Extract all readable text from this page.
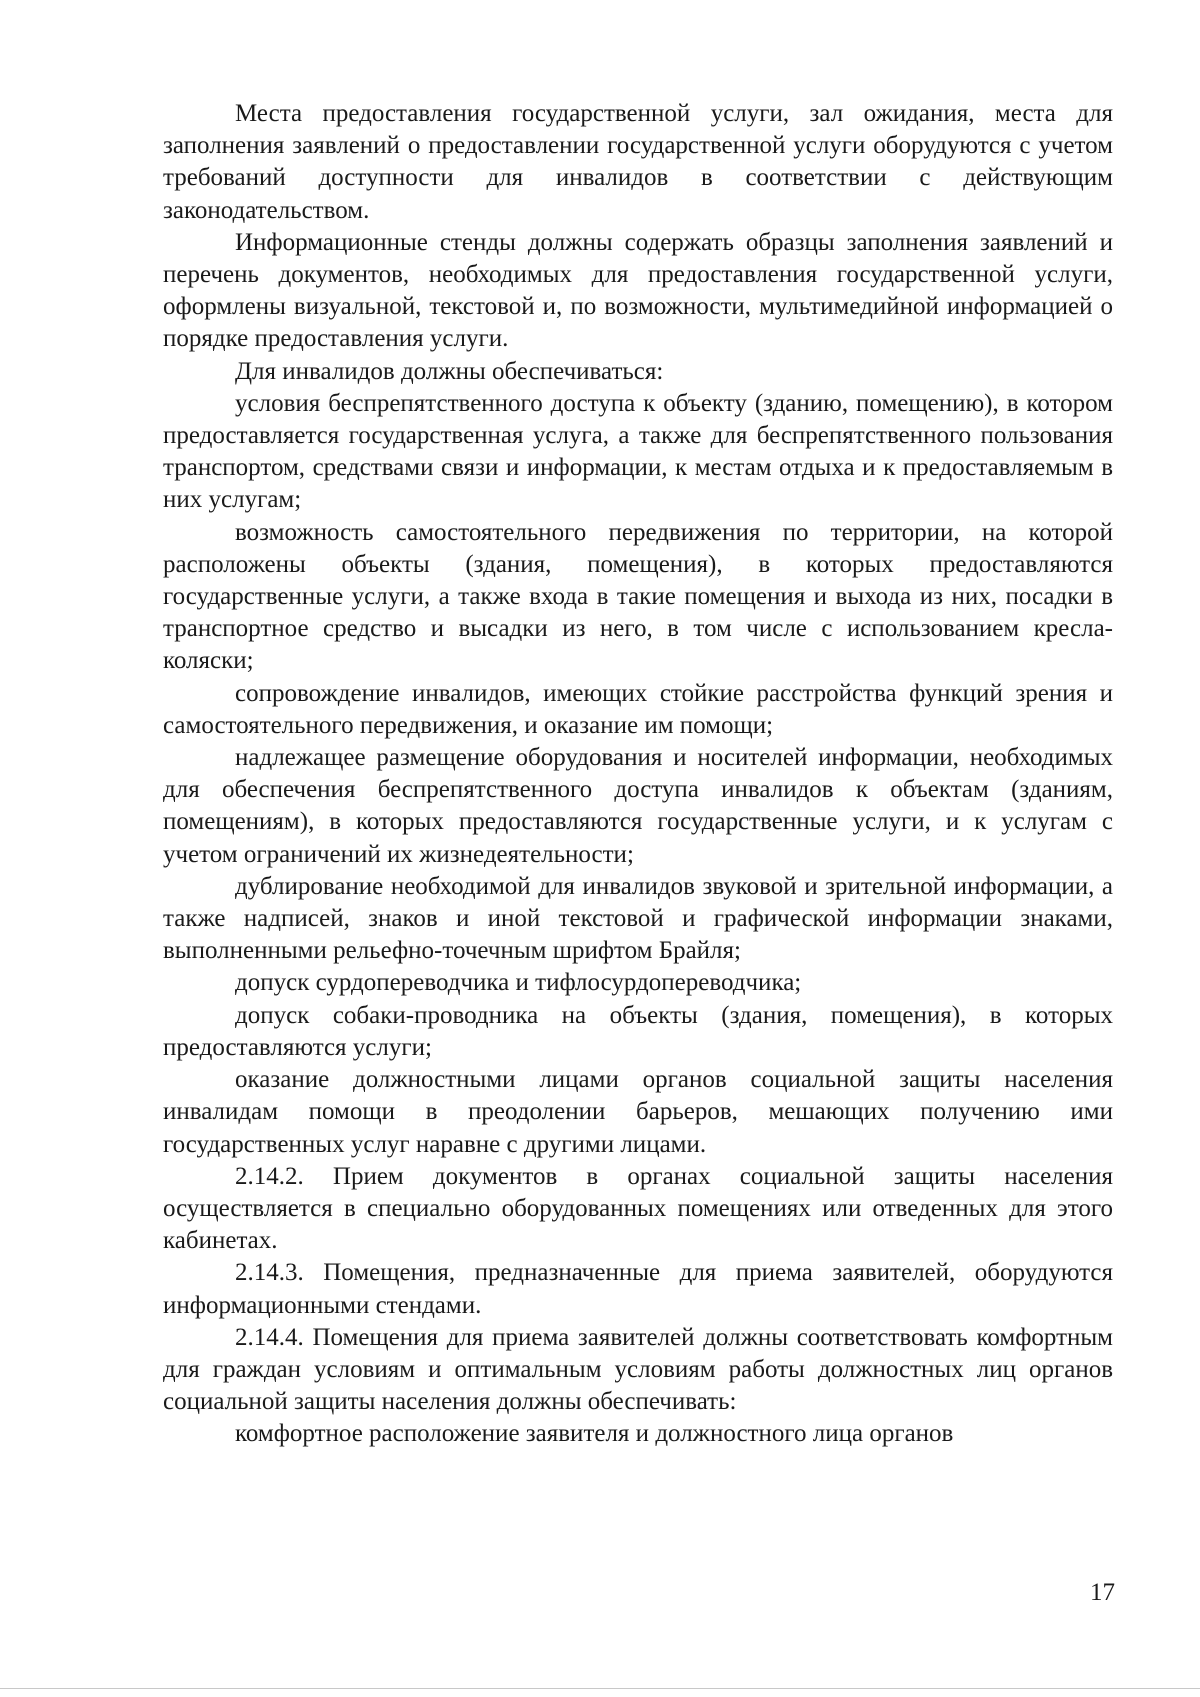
Места предоставления государственной услуги, зал ожидания, места для заполнения заявлений о предоставлении государственной услуги оборудуются с учетом требований доступности для инвалидов в соответствии с действующим законодательством.

Информационные стенды должны содержать образцы заполнения заявлений и перечень документов, необходимых для предоставления государственной услуги, оформлены визуальной, текстовой и, по возможности, мультимедийной информацией о порядке предоставления услуги.

Для инвалидов должны обеспечиваться:

условия беспрепятственного доступа к объекту (зданию, помещению), в котором предоставляется государственная услуга, а также для беспрепятственного пользования транспортом, средствами связи и информации, к местам отдыха и к предоставляемым в них услугам;

возможность самостоятельного передвижения по территории, на которой расположены объекты (здания, помещения), в которых предоставляются государственные услуги, а также входа в такие помещения и выхода из них, посадки в транспортное средство и высадки из него, в том числе с использованием кресла-коляски;

сопровождение инвалидов, имеющих стойкие расстройства функций зрения и самостоятельного передвижения, и оказание им помощи;

надлежащее размещение оборудования и носителей информации, необходимых для обеспечения беспрепятственного доступа инвалидов к объектам (зданиям, помещениям), в которых предоставляются государственные услуги, и к услугам с учетом ограничений их жизнедеятельности;

дублирование необходимой для инвалидов звуковой и зрительной информации, а также надписей, знаков и иной текстовой и графической информации знаками, выполненными рельефно-точечным шрифтом Брайля;

допуск сурдопереводчика и тифлосурдопереводчика;

допуск собаки-проводника на объекты (здания, помещения), в которых предоставляются услуги;

оказание должностными лицами органов социальной защиты населения инвалидам помощи в преодолении барьеров, мешающих получению ими государственных услуг наравне с другими лицами.

2.14.2. Прием документов в органах социальной защиты населения осуществляется в специально оборудованных помещениях или отведенных для этого кабинетах.

2.14.3. Помещения, предназначенные для приема заявителей, оборудуются информационными стендами.

2.14.4. Помещения для приема заявителей должны соответствовать комфортным для граждан условиям и оптимальным условиям работы должностных лиц органов социальной защиты населения должны обеспечивать:

комфортное расположение заявителя и должностного лица органов

17
